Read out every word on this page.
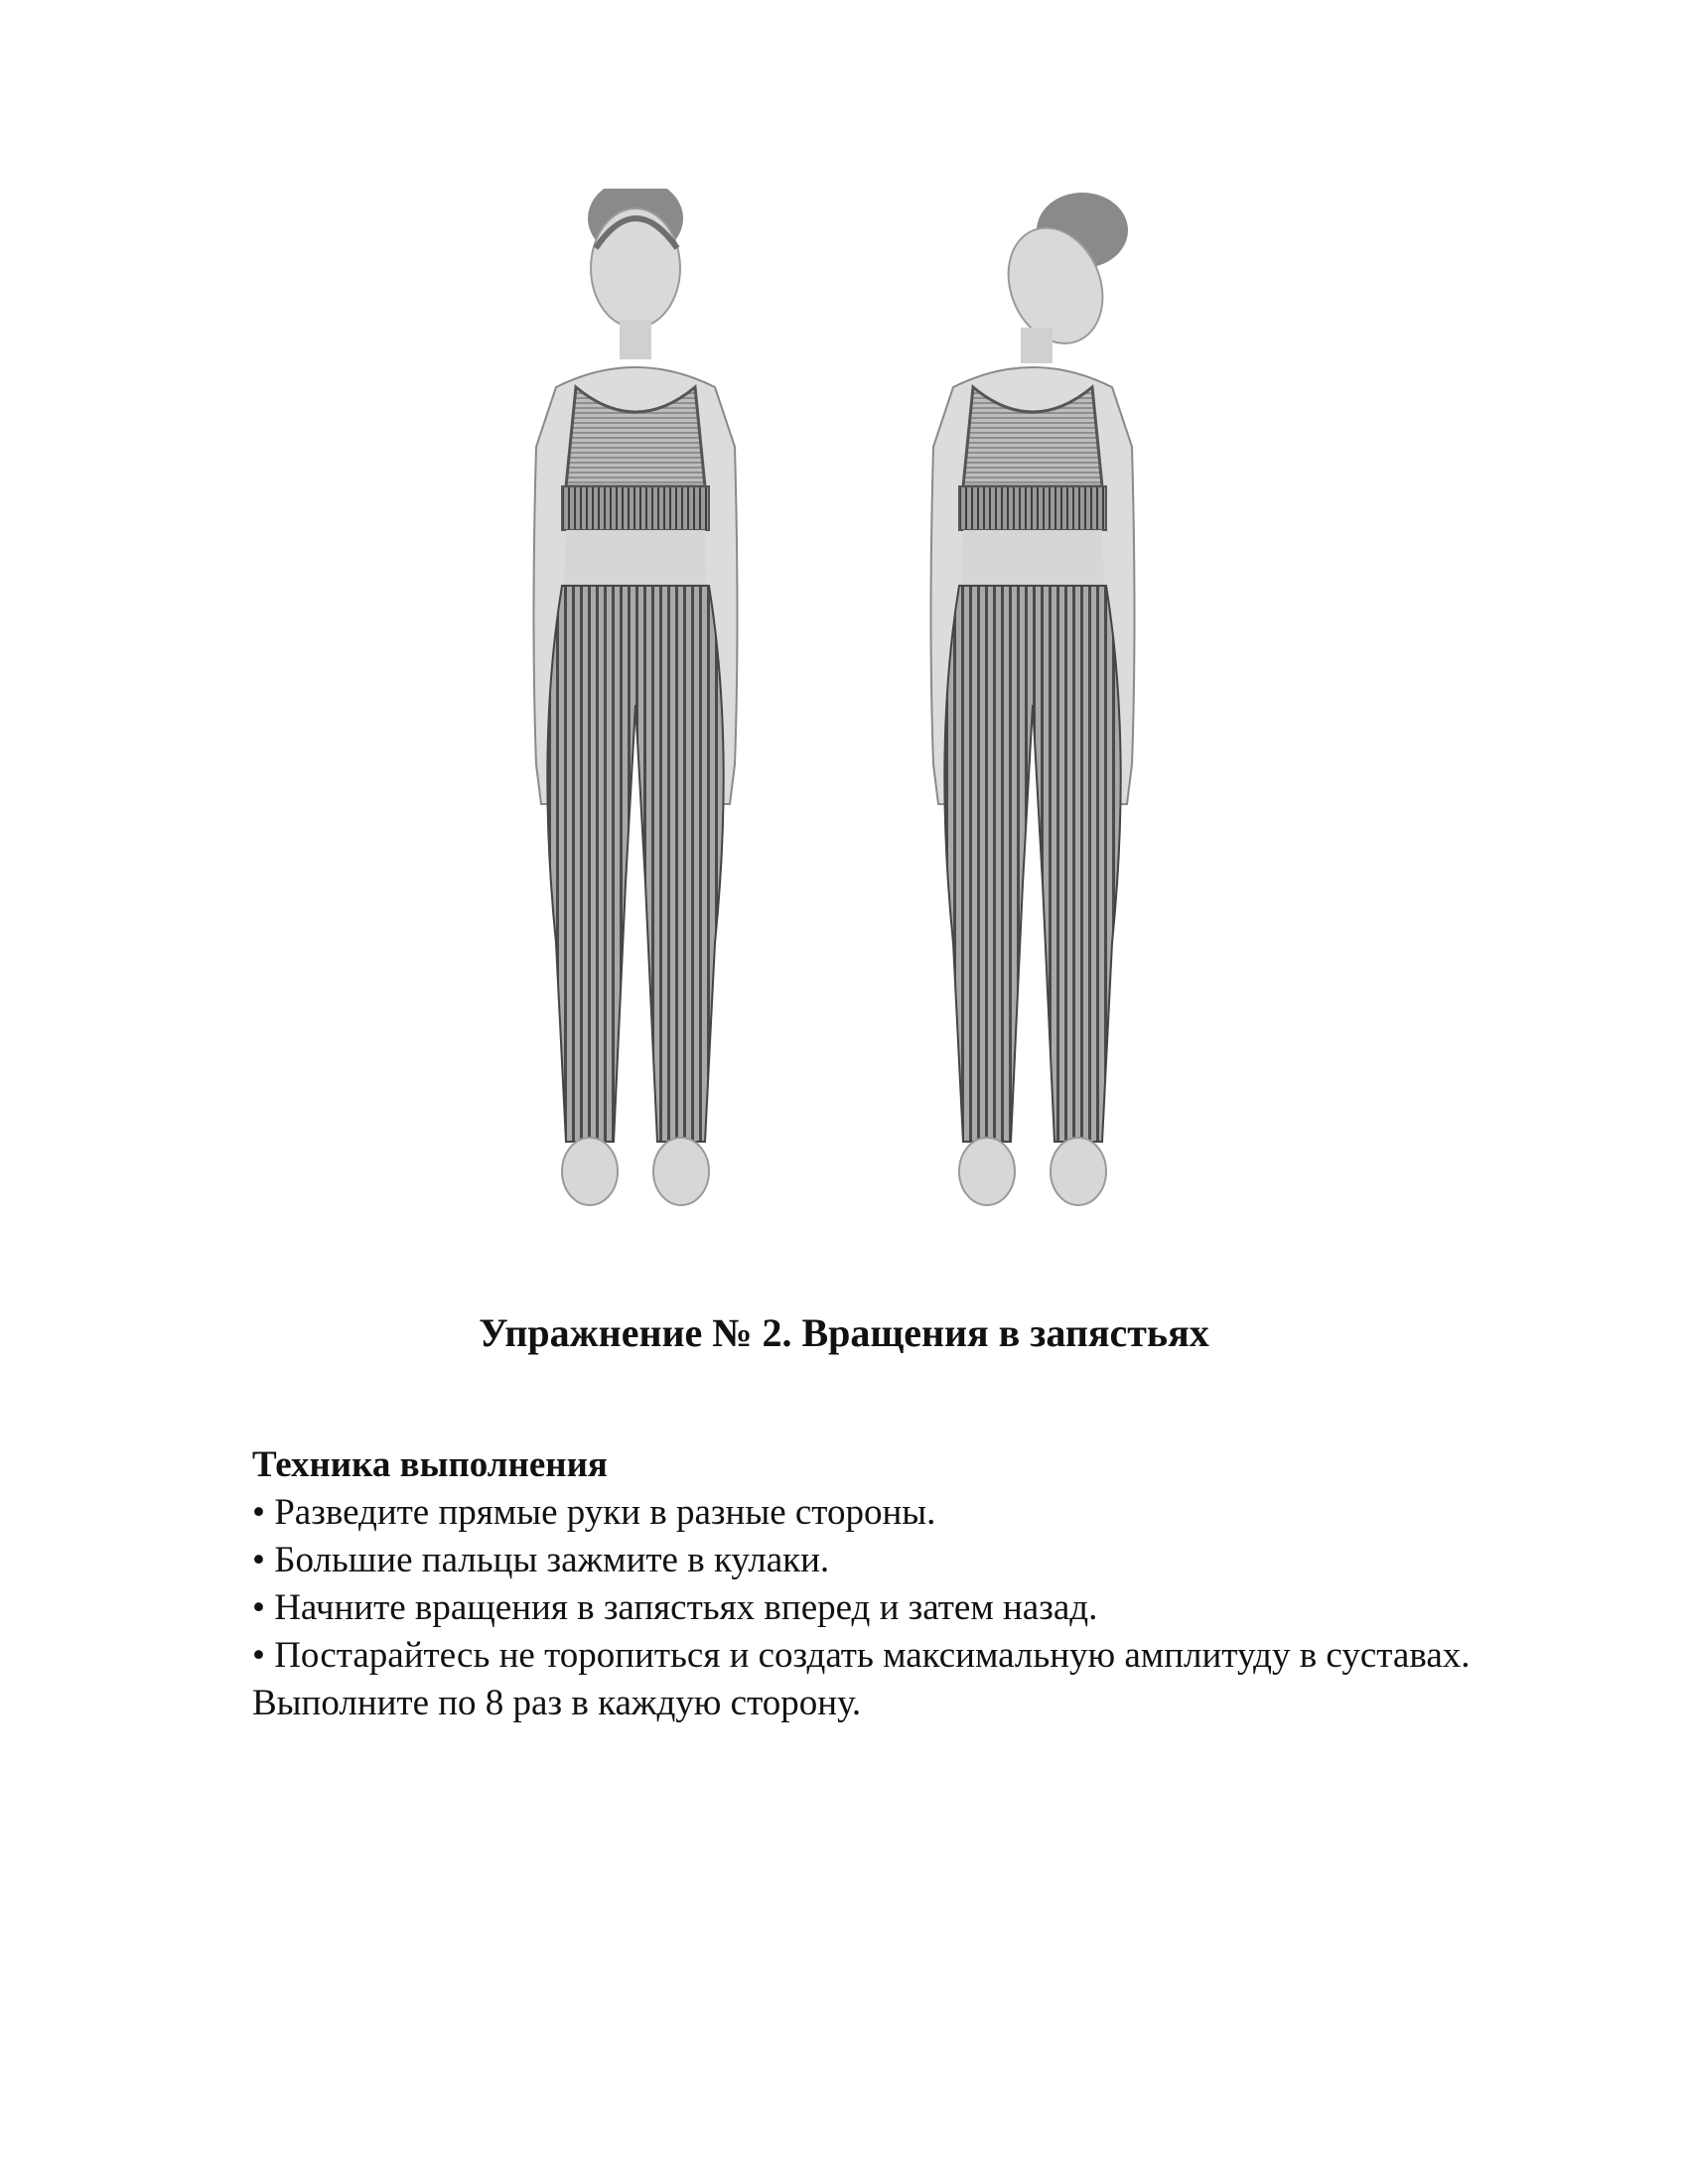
Упражнение № 2. Вращения в запястьях

Техника выполнения

• Разведите прямые руки в разные стороны.

• Большие пальцы зажмите в кулаки.

• Начните вращения в запястьях вперед и затем назад.

• Постарайтесь не торопиться и создать максимальную амплитуду в суставах.

Выполните по 8 раз в каждую сторону.
